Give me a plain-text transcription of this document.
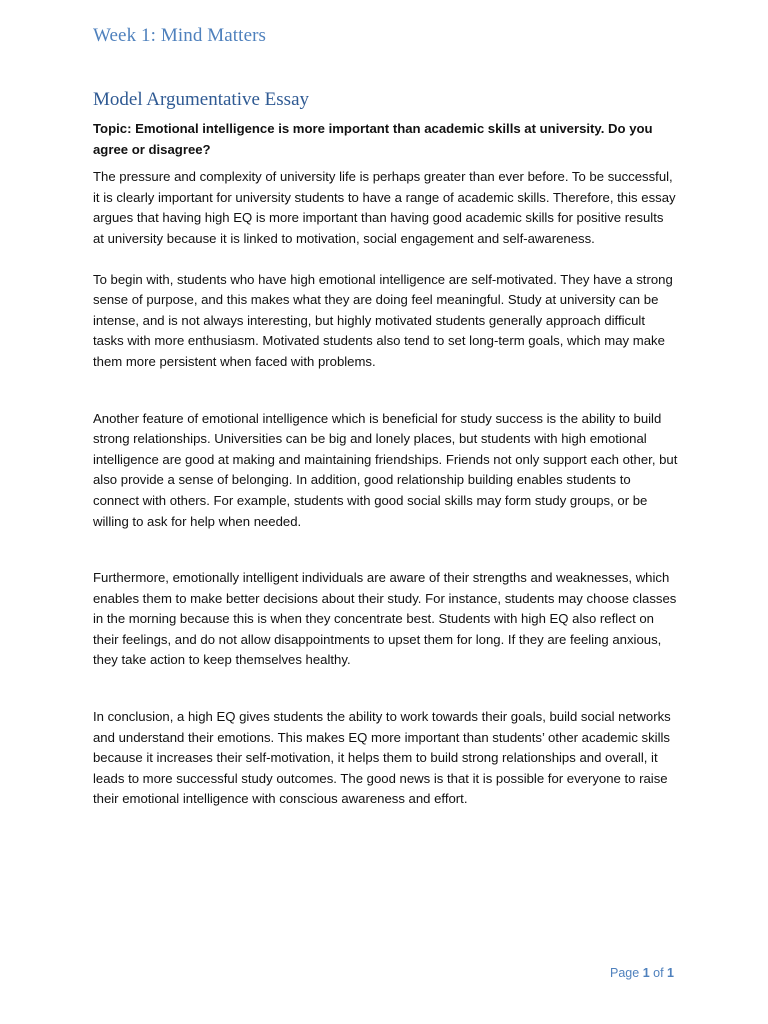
Week 1: Mind Matters
Model Argumentative Essay

Topic: Emotional intelligence is more important than academic skills at university. Do you agree or disagree?

The pressure and complexity of university life is perhaps greater than ever before. To be successful, it is clearly important for university students to have a range of academic skills. Therefore, this essay argues that having high EQ is more important than having good academic skills for positive results at university because it is linked to motivation, social engagement and self-awareness.

To begin with, students who have high emotional intelligence are self-motivated. They have a strong sense of purpose, and this makes what they are doing feel meaningful. Study at university can be intense, and is not always interesting, but highly motivated students generally approach difficult tasks with more enthusiasm. Motivated students also tend to set long-term goals, which may make them more persistent when faced with problems.

Another feature of emotional intelligence which is beneficial for study success is the ability to build strong relationships. Universities can be big and lonely places, but students with high emotional intelligence are good at making and maintaining friendships. Friends not only support each other, but also provide a sense of belonging. In addition, good relationship building enables students to connect with others. For example, students with good social skills may form study groups, or be willing to ask for help when needed.

Furthermore, emotionally intelligent individuals are aware of their strengths and weaknesses, which enables them to make better decisions about their study. For instance, students may choose classes in the morning because this is when they concentrate best. Students with high EQ also reflect on their feelings, and do not allow disappointments to upset them for long. If they are feeling anxious, they take action to keep themselves healthy.

In conclusion, a high EQ gives students the ability to work towards their goals, build social networks and understand their emotions. This makes EQ more important than students’ other academic skills because it increases their self-motivation, it helps them to build strong relationships and overall, it leads to more successful study outcomes. The good news is that it is possible for everyone to raise their emotional intelligence with conscious awareness and effort.

Page 1 of 1
